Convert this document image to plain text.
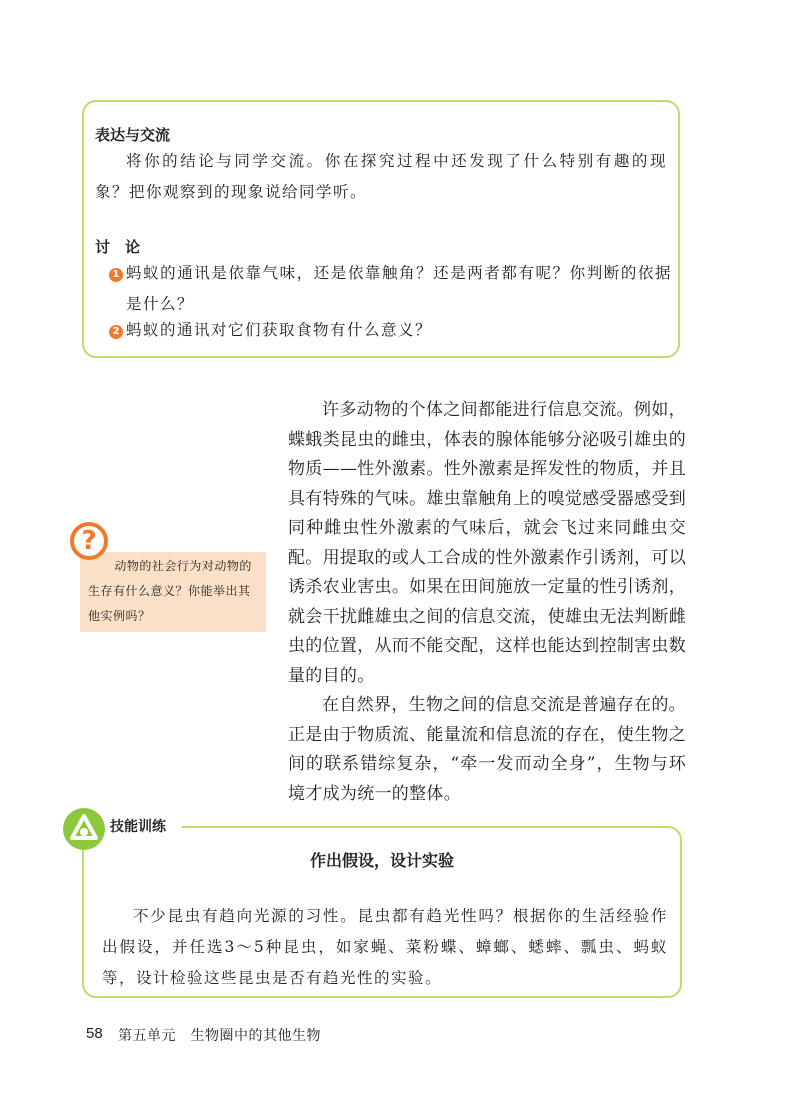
表达与交流

将你的结论与同学交流。你在探究过程中还发现了什么特别有趣的现象？把你观察到的现象说给同学听。

讨　论
1 蚂蚁的通讯是依靠气味，还是依靠触角？还是两者都有呢？你判断的依据是什么？

2 蚂蚁的通讯对它们获取食物有什么意义？

许多动物的个体之间都能进行信息交流。例如，蝶蛾类昆虫的雌虫，体表的腺体能够分泌吸引雄虫的物质——性外激素。性外激素是挥发性的物质，并且具有特殊的气味。雄虫靠触角上的嗅觉感受器感受到同种雌虫性外激素的气味后，就会飞过来同雌虫交配。用提取的或人工合成的性外激素作引诱剂，可以诱杀农业害虫。如果在田间施放一定量的性引诱剂，就会干扰雌雄虫之间的信息交流，使雄虫无法判断雌虫的位置，从而不能交配，这样也能达到控制害虫数量的目的。

在自然界，生物之间的信息交流是普遍存在的。正是由于物质流、能量流和信息流的存在，使生物之间的联系错综复杂，“牵一发而动全身”，生物与环境才成为统一的整体。

?

动物的社会行为对动物的生存有什么意义？你能举出其他实例吗？

技能训练
作出假设，设计实验

不少昆虫有趋向光源的习性。昆虫都有趋光性吗？根据你的生活经验作出假设，并任选3～5种昆虫，如家蝇、菜粉蝶、蟑螂、蟋蟀、瓢虫、蚂蚁等，设计检验这些昆虫是否有趋光性的实验。

58 第五单元　生物圈中的其他生物
